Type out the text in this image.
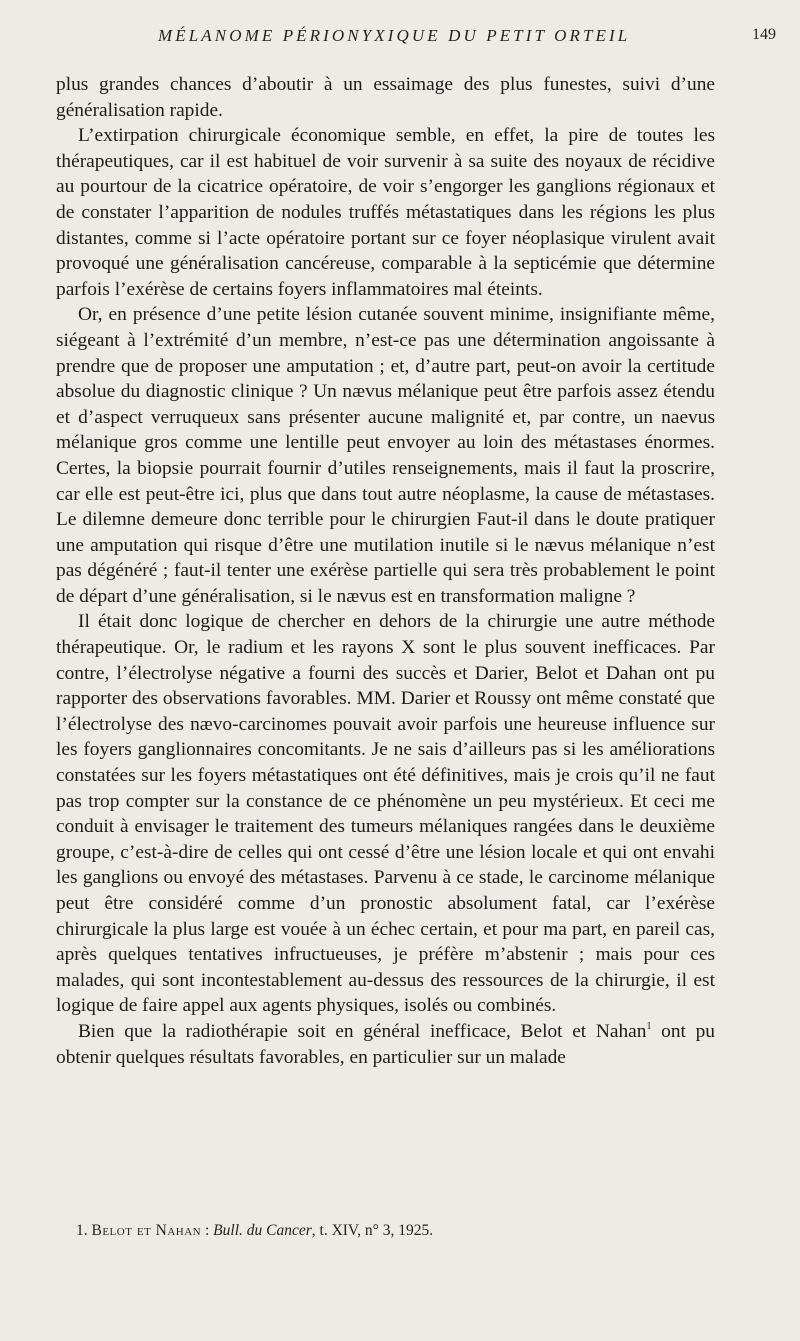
MÉLANOME PÉRIONYXIQUE DU PETIT ORTEIL	149

plus grandes chances d’aboutir à un essaimage des plus funestes, suivi d’une généralisation rapide.

L’extirpation chirurgicale économique semble, en effet, la pire de toutes les thérapeutiques, car il est habituel de voir survenir à sa suite des noyaux de récidive au pourtour de la cicatrice opératoire, de voir s’engorger les ganglions régionaux et de constater l’apparition de nodules truffés métastatiques dans les régions les plus distantes, comme si l’acte opératoire portant sur ce foyer néoplasique virulent avait provoqué une généralisation cancéreuse, comparable à la septicémie que détermine parfois l’exérèse de certains foyers inflammatoires mal éteints.

Or, en présence d’une petite lésion cutanée souvent minime, insignifiante même, siégeant à l’extrémité d’un membre, n’est-ce pas une détermination angoissante à prendre que de proposer une amputation ; et, d’autre part, peut-on avoir la certitude absolue du diagnostic clinique ? Un nævus mélanique peut être parfois assez étendu et d’aspect verruqueux sans présenter aucune malignité et, par contre, un naevus mélanique gros comme une lentille peut envoyer au loin des métastases énormes. Certes, la biopsie pourrait fournir d’utiles renseignements, mais il faut la proscrire, car elle est peut-être ici, plus que dans tout autre néoplasme, la cause de métastases. Le dilemne demeure donc terrible pour le chirurgien Faut-il dans le doute pratiquer une amputation qui risque d’être une mutilation inutile si le nævus mélanique n’est pas dégénéré ; faut-il tenter une exérèse partielle qui sera très probablement le point de départ d’une généralisation, si le nævus est en transformation maligne ?

Il était donc logique de chercher en dehors de la chirurgie une autre méthode thérapeutique. Or, le radium et les rayons X sont le plus souvent inefficaces. Par contre, l’électrolyse négative a fourni des succès et Darier, Belot et Dahan ont pu rapporter des observations favorables. MM. Darier et Roussy ont même constaté que l’électrolyse des nævo-carcinomes pouvait avoir parfois une heureuse influence sur les foyers ganglionnaires concomitants. Je ne sais d’ailleurs pas si les améliorations constatées sur les foyers métastatiques ont été définitives, mais je crois qu’il ne faut pas trop compter sur la constance de ce phénomène un peu mystérieux. Et ceci me conduit à envisager le traitement des tumeurs mélaniques rangées dans le deuxième groupe, c’est-à-dire de celles qui ont cessé d’être une lésion locale et qui ont envahi les ganglions ou envoyé des métastases. Parvenu à ce stade, le carcinome mélanique peut être considéré comme d’un pronostic absolument fatal, car l’exérèse chirurgicale la plus large est vouée à un échec certain, et pour ma part, en pareil cas, après quelques tentatives infructueuses, je préfère m’abstenir ; mais pour ces malades, qui sont incontestablement au-dessus des ressources de la chirurgie, il est logique de faire appel aux agents physiques, isolés ou combinés.

Bien que la radiothérapie soit en général inefficace, Belot et Nahan$^1$ ont pu obtenir quelques résultats favorables, en particulier sur un malade

1. Belot et Nahan : Bull. du Cancer, t. XIV, n° 3, 1925.
